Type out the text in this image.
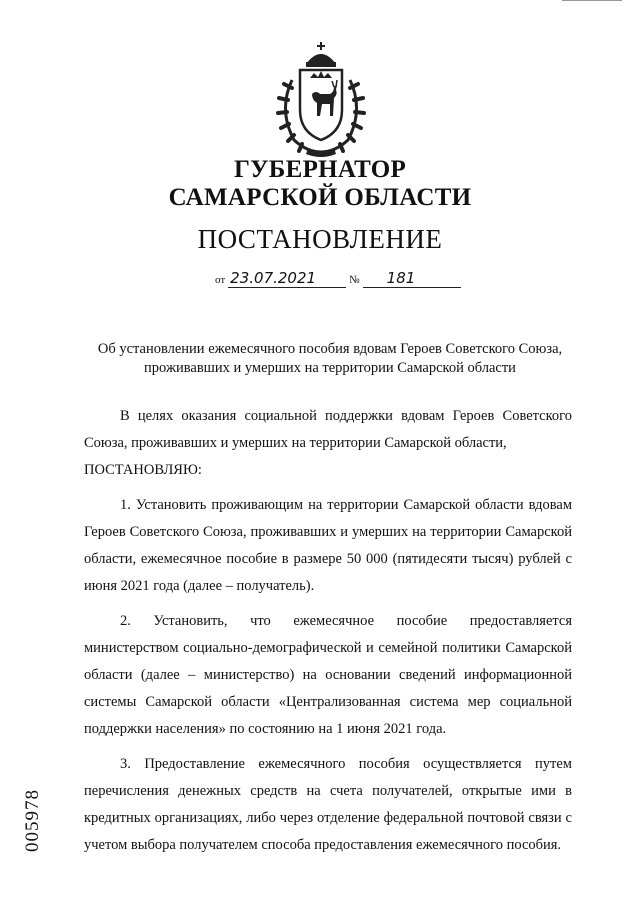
ГУБЕРНАТОР
САМАРСКОЙ ОБЛАСТИ
ПОСТАНОВЛЕНИЕ
от 23.07.2021	№ 181
Об установлении ежемесячного пособия вдовам Героев Советского Союза,
проживавших и умерших на территории Самарской области

В целях оказания социальной поддержки вдовам Героев Советского Союза, проживавших и умерших на территории Самарской области,

ПОСТАНОВЛЯЮ:

1. Установить проживающим на территории Самарской области вдовам Героев Советского Союза, проживавших и умерших на территории Самарской области, ежемесячное пособие в размере 50 000 (пятидесяти тысяч) рублей с июня 2021 года (далее – получатель).

2. Установить, что ежемесячное пособие предоставляется министерством социально-демографической и семейной политики Самарской области (далее – министерство) на основании сведений информационной системы Самарской области «Централизованная система мер социальной поддержки населения» по состоянию на 1 июня 2021 года.

3. Предоставление ежемесячного пособия осуществляется путем перечисления денежных средств на счета получателей, открытые ими в кредитных организациях, либо через отделение федеральной почтовой связи с учетом выбора получателем способа предоставления ежемесячного пособия.

005978
